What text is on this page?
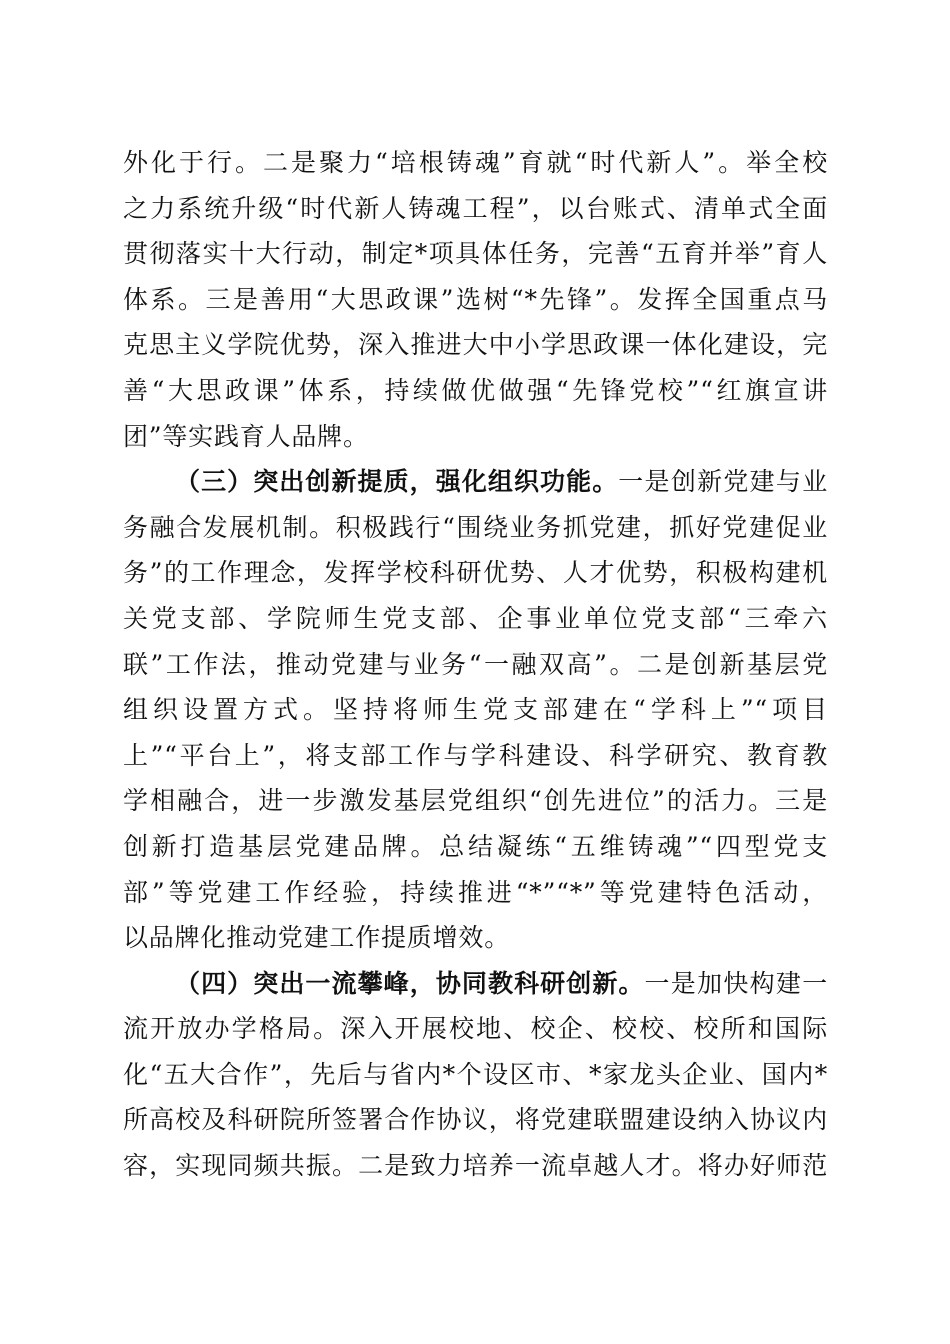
外化于行。二是聚力“培根铸魂”育就“时代新人”。举全校
之力系统升级“时代新人铸魂工程”，以台账式、清单式全面
贯彻落实十大行动，制定*项具体任务，完善“五育并举”育人
体系。三是善用“大思政课”选树“*先锋”。发挥全国重点马
克思主义学院优势，深入推进大中小学思政课一体化建设，完
善“大思政课”体系，持续做优做强“先锋党校”“红旗宣讲
团”等实践育人品牌。
（三）突出创新提质，强化组织功能。一是创新党建与业
务融合发展机制。积极践行“围绕业务抓党建，抓好党建促业
务”的工作理念，发挥学校科研优势、人才优势，积极构建机
关党支部、学院师生党支部、企事业单位党支部“三牵六
联”工作法，推动党建与业务“一融双高”。二是创新基层党
组织设置方式。坚持将师生党支部建在“学科上”“项目
上”“平台上”，将支部工作与学科建设、科学研究、教育教
学相融合，进一步激发基层党组织“创先进位”的活力。三是
创新打造基层党建品牌。总结凝练“五维铸魂”“四型党支
部”等党建工作经验，持续推进“*”“*”等党建特色活动，
以品牌化推动党建工作提质增效。
（四）突出一流攀峰，协同教科研创新。一是加快构建一
流开放办学格局。深入开展校地、校企、校校、校所和国际
化“五大合作”，先后与省内*个设区市、*家龙头企业、国内*
所高校及科研院所签署合作协议，将党建联盟建设纳入协议内
容，实现同频共振。二是致力培养一流卓越人才。将办好师范
